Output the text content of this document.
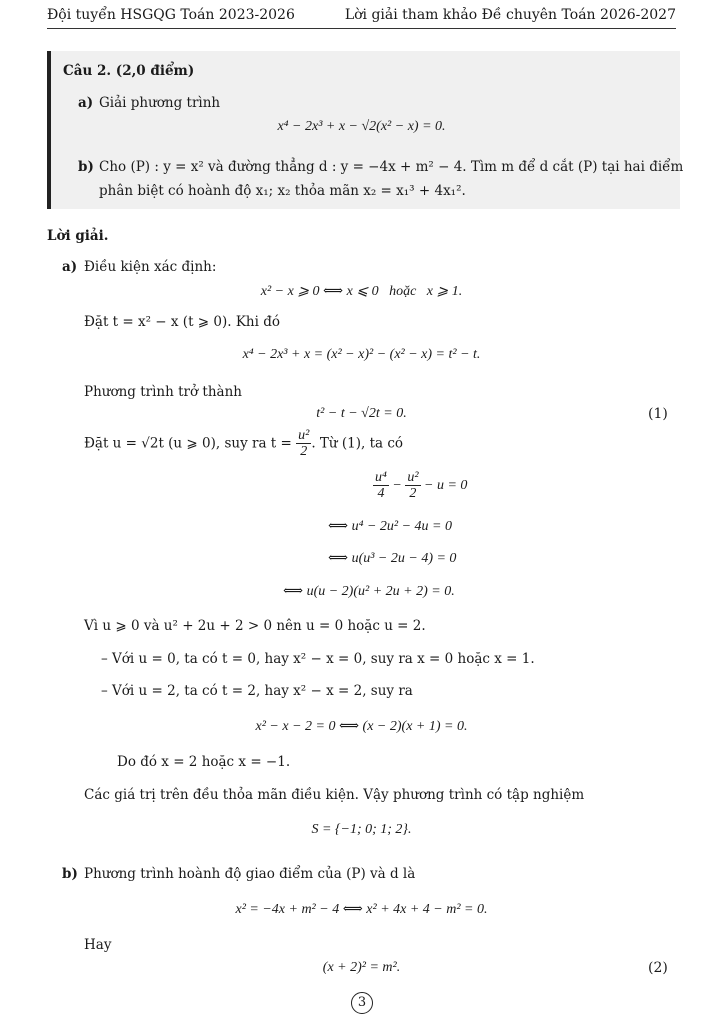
Đội tuyển HSGQG Toán 2023-2026	Lời giải tham khảo Đề chuyên Toán 2026-2027
Câu 2. (2,0 điểm)
a) Giải phương trình
x⁴ − 2x³ + x − √2(x² − x) = 0.
b) Cho (P) : y = x² và đường thẳng d : y = −4x + m² − 4. Tìm m để d cắt (P) tại hai điểm
phân biệt có hoành độ x₁; x₂ thỏa mãn x₂ = x₁³ + 4x₁².
Lời giải.
a) Điều kiện xác định:
x² − x ⩾ 0 ⟺ x ⩽ 0   hoặc   x ⩾ 1.
Đặt t = x² − x (t ⩾ 0). Khi đó
x⁴ − 2x³ + x = (x² − x)² − (x² − x) = t² − t.
Phương trình trở thành
t² − t − √2t = 0.	(1)
Đặt u = √2t (u ⩾ 0), suy ra $t = \frac{\text{u²}}{2}$ . Từ (1), ta có
$\frac{\text{u⁴}}{4} - \frac{\text{u²}}{2} - u = 0$
⟺ u⁴ − 2u² − 4u = 0
⟺ u(u³ − 2u − 4) = 0
⟺ u(u − 2)(u² + 2u + 2) = 0.
Vì u ⩾ 0 và u² + 2u + 2 > 0 nên u = 0 hoặc u = 2.
– Với u = 0, ta có t = 0, hay x² − x = 0, suy ra x = 0 hoặc x = 1.
– Với u = 2, ta có t = 2, hay x² − x = 2, suy ra
x² − x − 2 = 0 ⟺ (x − 2)(x + 1) = 0.
Do đó x = 2 hoặc x = −1.
Các giá trị trên đều thỏa mãn điều kiện. Vậy phương trình có tập nghiệm
S = {−1; 0; 1; 2}.
b) Phương trình hoành độ giao điểm của (P) và d là
x² = −4x + m² − 4 ⟺ x² + 4x + 4 − m² = 0.
Hay
(x + 2)² = m².	(2)
3
